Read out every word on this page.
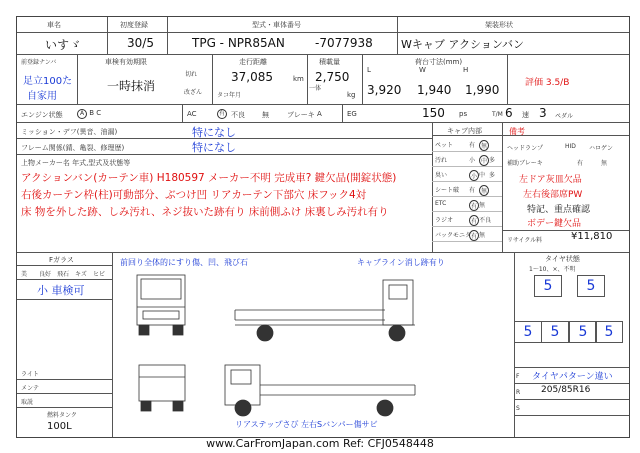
車名	初度登録	型式・車体番号	架装形状
いすゞ	30/5	TPG - NPR85AN	-7077938	Wキャブ アクションバン
前登録ナンバ
足立100た
自家用
車検有効期限
一時抹消
切れ
改ざん
走行距離
37,085	km
タコ年月
積載量
2,750
kg
一体
荷台寸法(mm)
L	W	H
3,920 1,940 1,990	評価 3.5/B
エンジン状態	A B C	AC	有 不良 無	ブレーキ A	EG	150 ps	T/M 6 速 3 ペダル
ミッション・デフ(異音、油漏)	特になし
フレーム関係(錆、亀裂、修理歴)	特になし
上物メーカー名 年式,型式及状態等
アクションバン(カーテン車) H180597 メーカー不明 完成車? 鍵欠品(開錠状態)
右後カーテン枠(柱)可動部分、ぶつけ凹 リアカーテン下部穴 床フック4対
床 物を外した跡、しみ汚れ、ネジ抜いた跡有り 床前側ふけ 床裏しみ汚れ有り
キャブ内部	備考
ヘッドランプ	HID ハロゲン
補助ブレーキ	有	無
左ドア灰皿欠品
左右後部席PW
特記、重点確認
ボデー鍵欠品
リサイクル料	¥11,810
Fガラス
小 車検可
ライト
メンテ
取説
燃料タンク
100L
前回り全体的にすり傷、凹、飛び石	キャブライン消し跡有り
リアステップさび 左右Sバンパー傷サビ
タイヤ状態
1〜10、×、不明
5	5
5	5	5	5
F タイヤパターン違い
R 205/85R16
S
ペット	有 無
汚れ	小 中 多
臭い	小 中 多
シート破 有 無
ETC	有 無
ラジオ	有 不良
バックモニタ 有 無
美 良好 飛石 キズ ヒビ
www.CarFromJapan.com Ref: CFJ0548448
